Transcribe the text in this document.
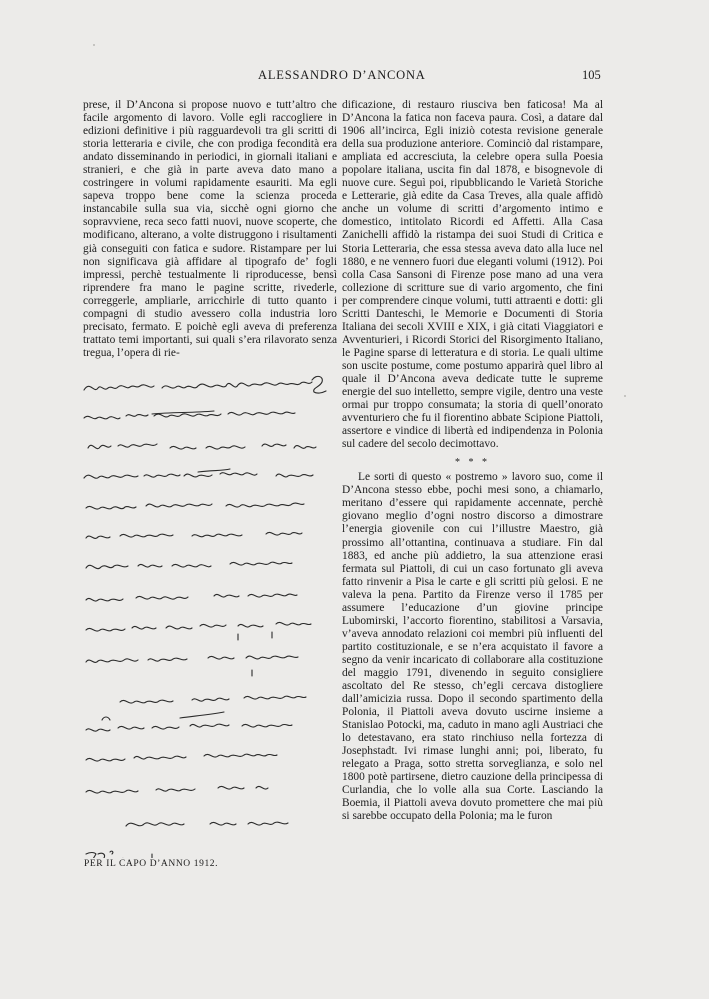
ALESSANDRO D’ANCONA	105

prese, il D’Ancona si propose nuovo e tutt’altro che facile argomento di lavoro. Volle egli raccogliere in edizioni definitive i più ragguardevoli tra gli scritti di storia letteraria e civile, che con prodiga fecondità era andato disseminando in periodici, in giornali italiani e stranieri, e che già in parte aveva dato mano a costringere in volumi rapidamente esauriti. Ma egli sapeva troppo bene come la scienza proceda instancabile sulla sua via, sicchè ogni giorno che sopravviene, reca seco fatti nuovi, nuove scoperte, che modificano, alterano, a volte distruggono i risultamenti già conseguiti con fatica e sudore. Ristampare per lui non significava già affidare al tipografo de’ fogli impressi, perchè testualmente li riproducesse, bensì riprendere fra mano le pagine scritte, rivederle, correggerle, ampliarle, arricchirle di tutto quanto i compagni di studio avessero colla industria loro precisato, fermato. E poichè egli aveva di preferenza trattato temi importanti, sui quali s’era rilavorato senza tregua, l’opera di rie-

dificazione, di restauro riusciva ben faticosa! Ma al D’Ancona la fatica non faceva paura. Così, a datare dal 1906 all’incirca, Egli iniziò cotesta revisione generale della sua produzione anteriore. Cominciò dal ristampare, ampliata ed accresciuta, la celebre opera sulla Poesia popolare italiana, uscita fin dal 1878, e bisognevole di nuove cure. Seguì poi, ripubblicando le Varietà Storiche e Letterarie, già edite da Casa Treves, alla quale affidò anche un volume di scritti d’argomento intimo e domestico, intitolato Ricordi ed Affetti. Alla Casa Zanichelli affidò la ristampa dei suoi Studi di Critica e Storia Letteraria, che essa stessa aveva dato alla luce nel 1880, e ne vennero fuori due eleganti volumi (1912). Poi colla Casa Sansoni di Firenze pose mano ad una vera collezione di scritture sue di vario argomento, che fini per comprendere cinque volumi, tutti attraenti e dotti: gli Scritti Danteschi, le Memorie e Documenti di Storia Italiana dei secoli XVIII e XIX, i già citati Viaggiatori e Avventurieri, i Ricordi Storici del Risorgimento Italiano, le Pagine sparse di letteratura e di storia. Le quali ultime son uscite postume, come postumo apparirà quel libro al quale il D’Ancona aveva dedicate tutte le supreme energie del suo intelletto, sempre vigile, dentro una veste ormai pur troppo consumata; la storia di quell’onorato avventuriero che fu il fiorentino abbate Scipione Piattoli, assertore e vindice di libertà ed indipendenza in Polonia sul cadere del secolo decimottavo.

* * *

Le sorti di questo « postremo » lavoro suo, come il D’Ancona stesso ebbe, pochi mesi sono, a chiamarlo, meritano d’essere qui rapidamente accennate, perchè giovano meglio d’ogni nostro discorso a dimostrare l’energia giovenile con cui l’illustre Maestro, già prossimo all’ottantina, continuava a studiare. Fin dal 1883, ed anche più addietro, la sua attenzione erasi fermata sul Piattoli, di cui un caso fortunato gli aveva fatto rinvenir a Pisa le carte e gli scritti più gelosi. E ne valeva la pena. Partito da Firenze verso il 1785 per assumere l’educazione d’un giovine principe Lubomirski, l’accorto fiorentino, stabilitosi a Varsavia, v’aveva annodato relazioni coi membri più influenti del partito costituzionale, e se n’era acquistato il favore a segno da venir incaricato di collaborare alla costituzione del maggio 1791, divenendo in seguito consigliere ascoltato del Re stesso, ch’egli cercava distogliere dall’amicizia russa. Dopo il secondo spartimento della Polonia, il Piattoli aveva dovuto uscirne insieme a Stanislao Potocki, ma, caduto in mano agli Austriaci che lo detestavano, era stato rinchiuso nella fortezza di Josephstadt. Ivi rimase lunghi anni; poi, liberato, fu relegato a Praga, sotto stretta sorveglianza, e solo nel 1800 potè partirsene, dietro cauzione della principessa di Curlandia, che lo volle alla sua Corte. Lasciando la Boemia, il Piattoli aveva dovuto promettere che mai più si sarebbe occupato della Polonia; ma le furon

PER IL CAPO D’ANNO 1912.
